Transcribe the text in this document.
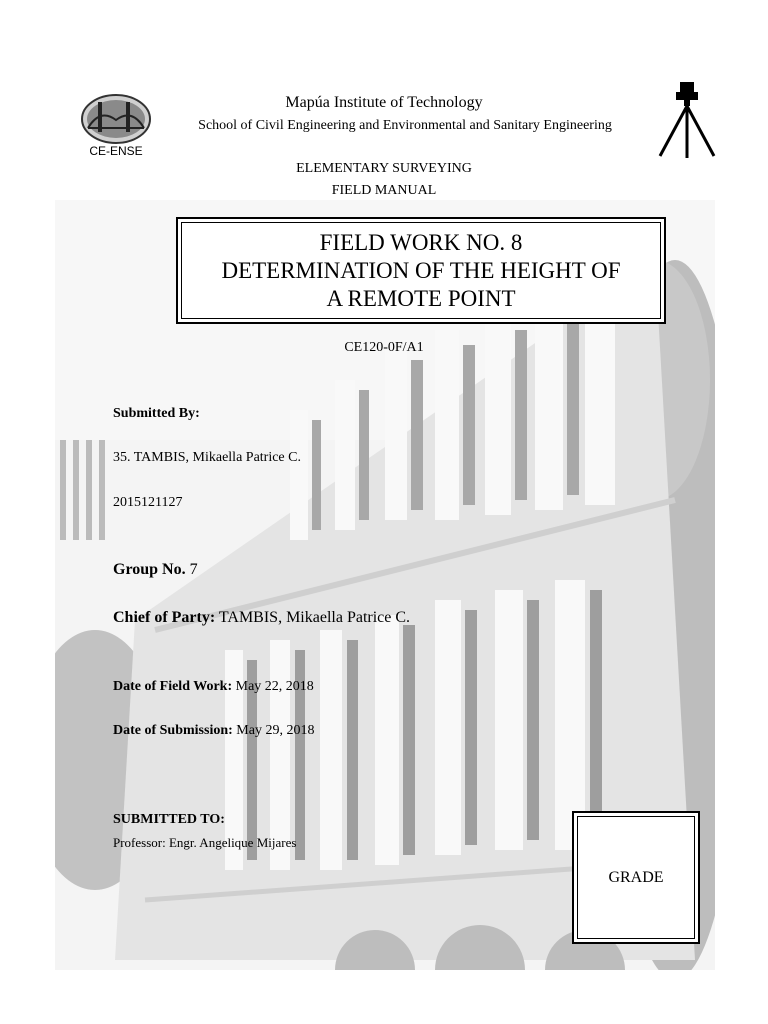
CE-ENSE
Mapúa Institute of Technology
School of Civil Engineering and Environmental and Sanitary Engineering
ELEMENTARY SURVEYING
FIELD MANUAL
FIELD WORK NO. 8
DETERMINATION OF THE HEIGHT OF
A REMOTE POINT
CE120-0F/A1
Submitted By:
35. TAMBIS, Mikaella Patrice C.
2015121127
Group No. 7
Chief of Party: TAMBIS, Mikaella Patrice C.
Date of Field Work: May 22, 2018
Date of Submission: May 29, 2018
SUBMITTED TO:
Professor: Engr. Angelique Mijares
GRADE
